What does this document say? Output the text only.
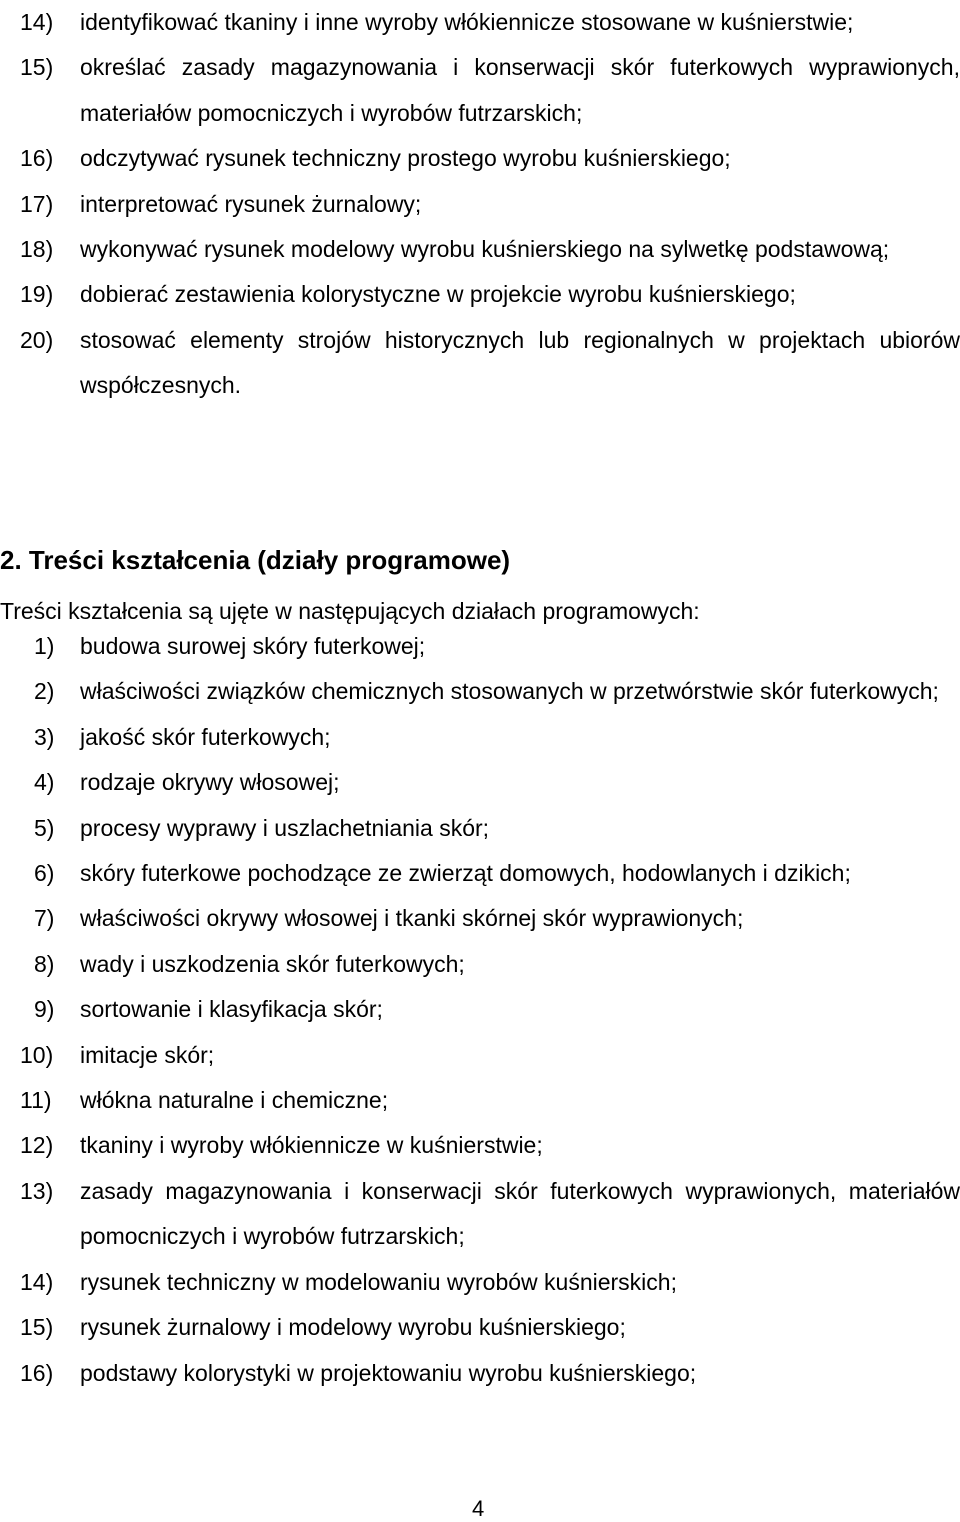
14) identyfikować tkaniny i inne wyroby włókiennicze stosowane w kuśnierstwie;
15) określać zasady magazynowania i konserwacji skór futerkowych wyprawionych, materiałów pomocniczych i wyrobów futrzarskich;
16) odczytywać rysunek techniczny prostego wyrobu kuśnierskiego;
17) interpretować rysunek żurnalowy;
18) wykonywać rysunek modelowy wyrobu kuśnierskiego na sylwetkę podstawową;
19) dobierać zestawienia kolorystyczne w projekcie wyrobu kuśnierskiego;
20) stosować elementy strojów historycznych lub regionalnych w projektach ubiorów współczesnych.
2. Treści kształcenia (działy programowe)

Treści kształcenia są ujęte w następujących działach programowych:

1) budowa surowej skóry futerkowej;
2) właściwości związków chemicznych stosowanych w przetwórstwie skór futerkowych;
3) jakość skór futerkowych;
4) rodzaje okrywy włosowej;
5) procesy wyprawy i uszlachetniania skór;
6) skóry futerkowe pochodzące ze zwierząt domowych, hodowlanych i dzikich;
7) właściwości okrywy włosowej i tkanki skórnej skór wyprawionych;
8) wady i uszkodzenia skór futerkowych;
9) sortowanie i klasyfikacja skór;
10) imitacje skór;
11) włókna naturalne i chemiczne;
12) tkaniny i wyroby włókiennicze w kuśnierstwie;
13) zasady magazynowania i konserwacji skór futerkowych wyprawionych, materiałów pomocniczych i wyrobów futrzarskich;
14) rysunek techniczny w modelowaniu wyrobów kuśnierskich;
15) rysunek żurnalowy i modelowy wyrobu kuśnierskiego;
16) podstawy kolorystyki w projektowaniu wyrobu kuśnierskiego;
4
